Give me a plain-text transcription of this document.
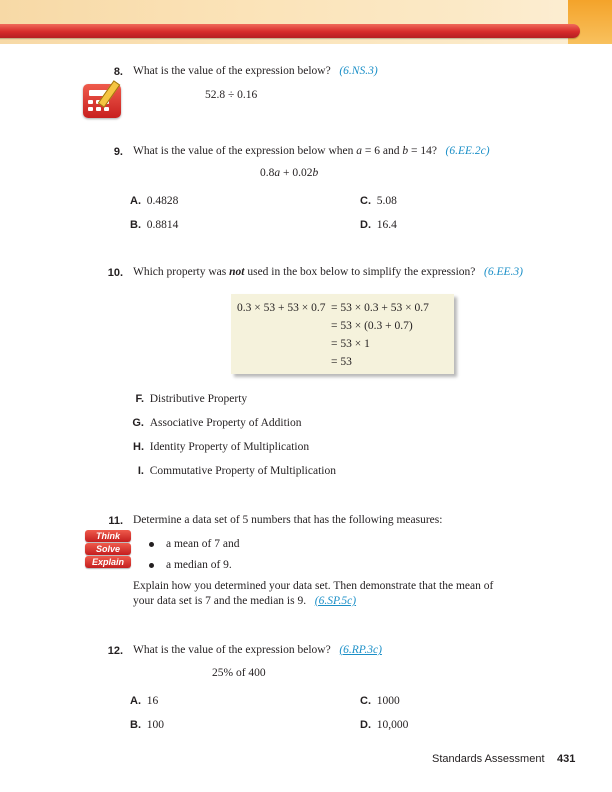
8. What is the value of the expression below? (6.NS.3)
52.8 ÷ 0.16
9. What is the value of the expression below when a = 6 and b = 14? (6.EE.2c)
0.8a + 0.02b
A. 0.4828
B. 0.8814
C. 5.08
D. 16.4
10. Which property was not used in the box below to simplify the expression? (6.EE.3)
0.3 × 53 + 53 × 0.7 = 53 × 0.3 + 53 × 0.7
= 53 × (0.3 + 0.7)
= 53 × 1
= 53
F. Distributive Property
G. Associative Property of Addition
H. Identity Property of Multiplication
I. Commutative Property of Multiplication
11. Determine a data set of 5 numbers that has the following measures:
Think
Solve
Explain
a mean of 7 and
a median of 9.
Explain how you determined your data set. Then demonstrate that the mean of
your data set is 7 and the median is 9. (6.SP.5c)
12. What is the value of the expression below? (6.RP.3c)
25% of 400
A. 16
B. 100
C. 1000
D. 10,000
Standards Assessment 431
